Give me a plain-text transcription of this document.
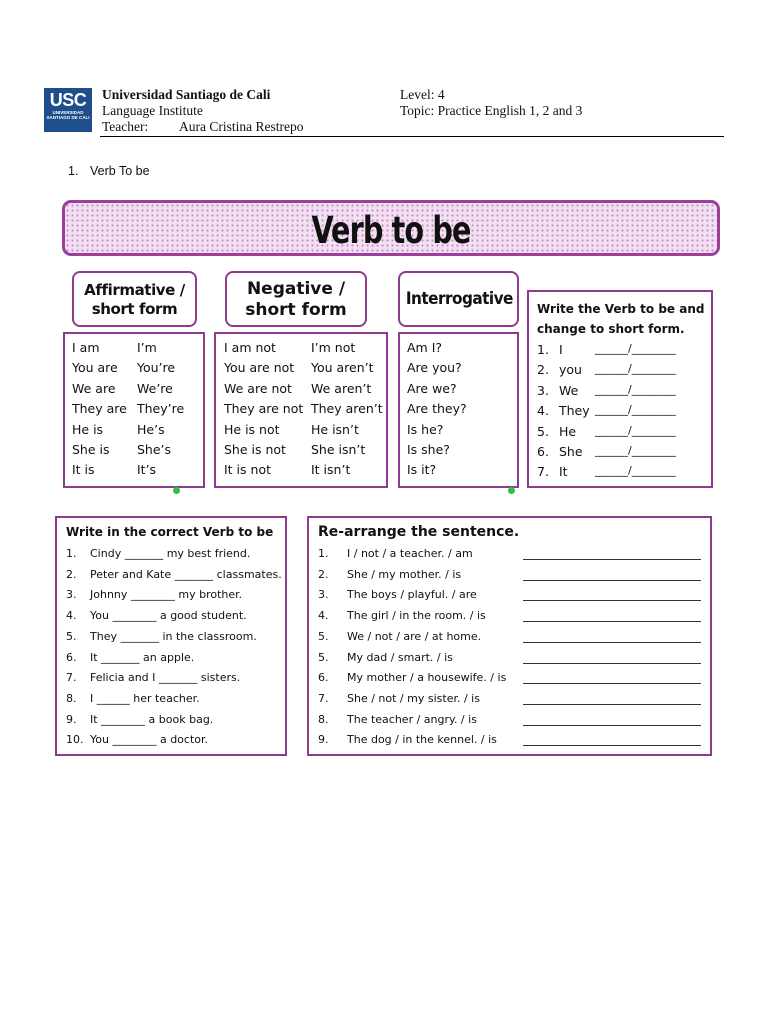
USC
UNIVERSIDAD SANTIAGO DE CALI
Universidad Santiago de Cali
Language Institute
Teacher: Aura Cristina Restrepo
Level: 4
Topic: Practice English 1, 2 and 3
1. Verb To be
Verb to be
Affirmative /
short form
I am	I’m
You are You’re
We are We’re
They are They’re
He is	He’s
She is She’s
It is	It’s
Negative /
short form
I am not	I’m not
You are not You aren’t
We are not We aren’t
They are not They aren’t
He is not	He isn’t
She is not She isn’t
It is not	It isn’t
Interrogative
Am I?
Are you?
Are we?
Are they?
Is he?
Is she?
Is it?
Write the Verb to be and
change to short form.
1. I	______/________
2. you ______/________
3. We ______/________
4. They ______/________
5. He ______/________
6. She ______/________
7. It ______/________
Write in the correct Verb to be
1. Cindy _______ my best friend.
2. Peter and Kate _______ classmates.
3. Johnny ________ my brother.
4. You ________ a good student.
5. They _______ in the classroom.
6. It _______ an apple.
7. Felicia and I _______ sisters.
8. I ______ her teacher.
9. It ________ a book bag.
10. You ________ a doctor.
Re-arrange the sentence.
1. I / not / a teacher. / am
2. She / my mother. / is
3. The boys / playful. / are
4. The girl / in the room. / is
5. We / not / are / at home.
5. My dad / smart. / is
6. My mother / a housewife. / is
7. She / not / my sister. / is
8. The teacher / angry. / is
9. The dog / in the kennel. / is
